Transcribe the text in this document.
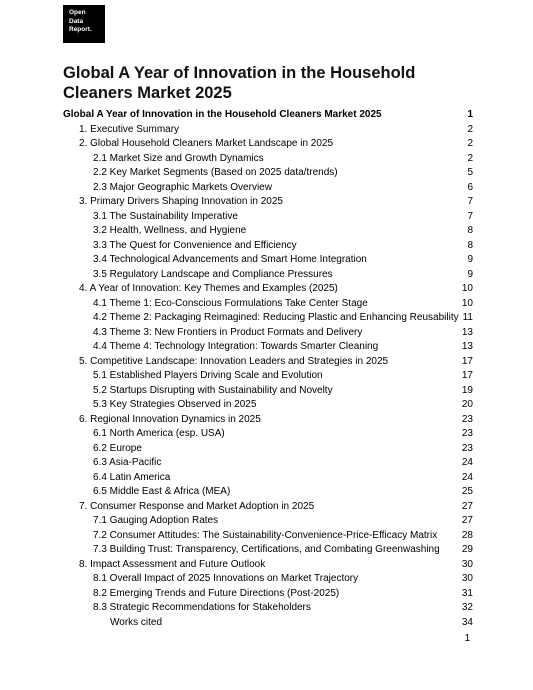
Open
Data
Report.
Global A Year of Innovation in the Household Cleaners Market 2025
Global A Year of Innovation in the Household Cleaners Market 2025	1
1. Executive Summary	2
2. Global Household Cleaners Market Landscape in 2025	2
2.1 Market Size and Growth Dynamics	2
2.2 Key Market Segments (Based on 2025 data/trends)	5
2.3 Major Geographic Markets Overview	6
3. Primary Drivers Shaping Innovation in 2025	7
3.1 The Sustainability Imperative	7
3.2 Health, Wellness, and Hygiene	8
3.3 The Quest for Convenience and Efficiency	8
3.4 Technological Advancements and Smart Home Integration	9
3.5 Regulatory Landscape and Compliance Pressures	9
4. A Year of Innovation: Key Themes and Examples (2025)	10
4.1 Theme 1: Eco-Conscious Formulations Take Center Stage	10
4.2 Theme 2: Packaging Reimagined: Reducing Plastic and Enhancing Reusability 11
4.3 Theme 3: New Frontiers in Product Formats and Delivery	13
4.4 Theme 4: Technology Integration: Towards Smarter Cleaning	13
5. Competitive Landscape: Innovation Leaders and Strategies in 2025	17
5.1 Established Players Driving Scale and Evolution	17
5.2 Startups Disrupting with Sustainability and Novelty	19
5.3 Key Strategies Observed in 2025	20
6. Regional Innovation Dynamics in 2025	23
6.1 North America (esp. USA)	23
6.2 Europe	23
6.3 Asia-Pacific	24
6.4 Latin America	24
6.5 Middle East & Africa (MEA)	25
7. Consumer Response and Market Adoption in 2025	27
7.1 Gauging Adoption Rates	27
7.2 Consumer Attitudes: The Sustainability-Convenience-Price-Efficacy Matrix 28
7.3 Building Trust: Transparency, Certifications, and Combating Greenwashing 29
8. Impact Assessment and Future Outlook	30
8.1 Overall Impact of 2025 Innovations on Market Trajectory	30
8.2 Emerging Trends and Future Directions (Post-2025)	31
8.3 Strategic Recommendations for Stakeholders	32
Works cited	34
1
